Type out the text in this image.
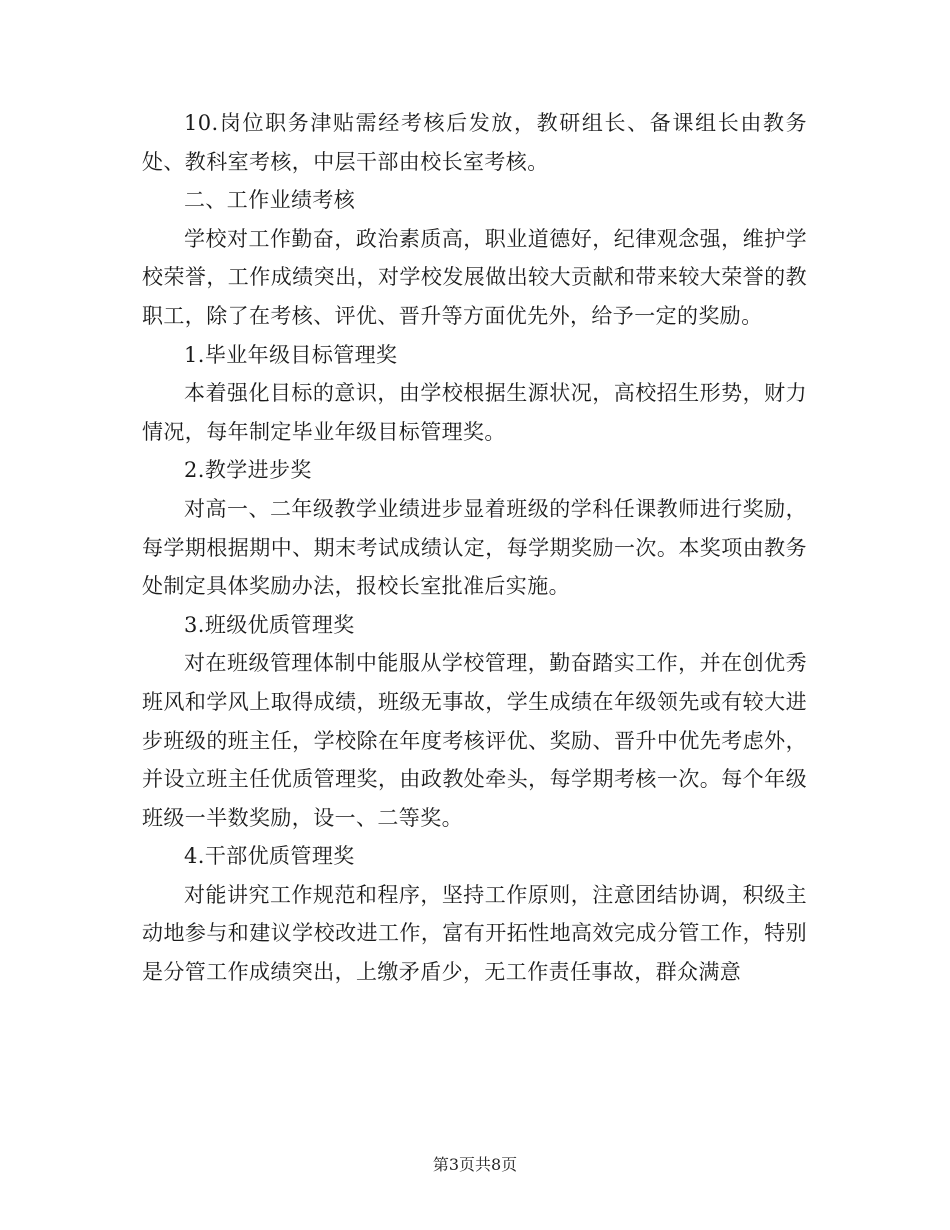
10.岗位职务津贴需经考核后发放，教研组长、备课组长由教务处、教科室考核，中层干部由校长室考核。

二、工作业绩考核

学校对工作勤奋，政治素质高，职业道德好，纪律观念强，维护学校荣誉，工作成绩突出，对学校发展做出较大贡献和带来较大荣誉的教职工，除了在考核、评优、晋升等方面优先外，给予一定的奖励。

1.毕业年级目标管理奖

本着强化目标的意识，由学校根据生源状况，高校招生形势，财力情况，每年制定毕业年级目标管理奖。

2.教学进步奖

对高一、二年级教学业绩进步显着班级的学科任课教师进行奖励，每学期根据期中、期末考试成绩认定，每学期奖励一次。本奖项由教务处制定具体奖励办法，报校长室批准后实施。

3.班级优质管理奖

对在班级管理体制中能服从学校管理，勤奋踏实工作，并在创优秀班风和学风上取得成绩，班级无事故，学生成绩在年级领先或有较大进步班级的班主任，学校除在年度考核评优、奖励、晋升中优先考虑外，并设立班主任优质管理奖，由政教处牵头，每学期考核一次。每个年级班级一半数奖励，设一、二等奖。

4.干部优质管理奖

对能讲究工作规范和程序，坚持工作原则，注意团结协调，积级主动地参与和建议学校改进工作，富有开拓性地高效完成分管工作，特别是分管工作成绩突出，上缴矛盾少，无工作责任事故，群众满意

第3页共8页
